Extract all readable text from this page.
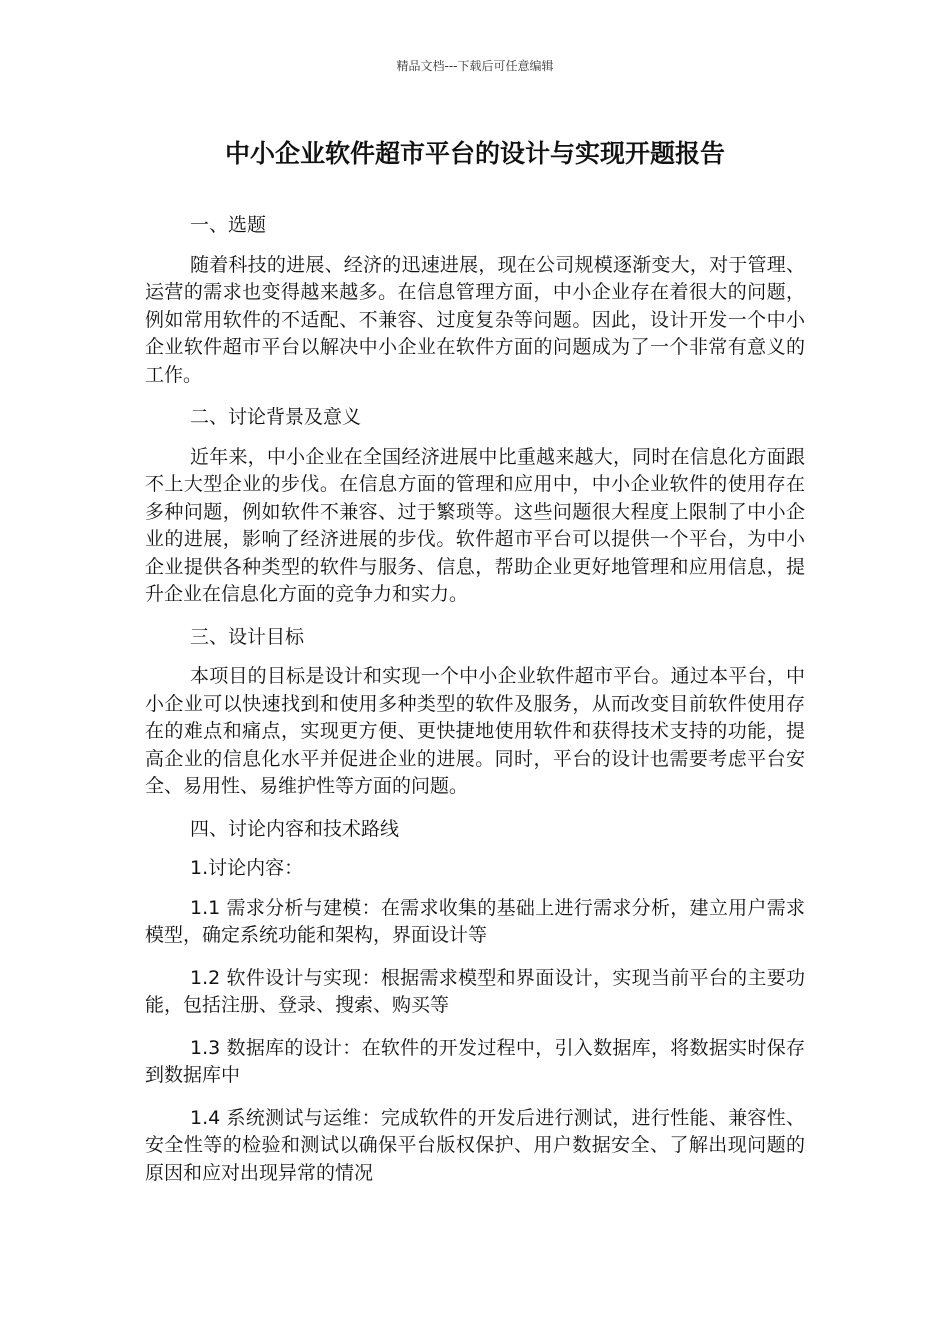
精品文档---下载后可任意编辑
中小企业软件超市平台的设计与实现开题报告

一、选题

随着科技的进展、经济的迅速进展，现在公司规模逐渐变大，对于管理、运营的需求也变得越来越多。在信息管理方面，中小企业存在着很大的问题，例如常用软件的不适配、不兼容、过度复杂等问题。因此，设计开发一个中小企业软件超市平台以解决中小企业在软件方面的问题成为了一个非常有意义的工作。

二、讨论背景及意义

近年来，中小企业在全国经济进展中比重越来越大，同时在信息化方面跟不上大型企业的步伐。在信息方面的管理和应用中，中小企业软件的使用存在多种问题，例如软件不兼容、过于繁琐等。这些问题很大程度上限制了中小企业的进展，影响了经济进展的步伐。软件超市平台可以提供一个平台，为中小企业提供各种类型的软件与服务、信息，帮助企业更好地管理和应用信息，提升企业在信息化方面的竞争力和实力。

三、设计目标

本项目的目标是设计和实现一个中小企业软件超市平台。通过本平台，中小企业可以快速找到和使用多种类型的软件及服务，从而改变目前软件使用存在的难点和痛点，实现更方便、更快捷地使用软件和获得技术支持的功能，提高企业的信息化水平并促进企业的进展。同时，平台的设计也需要考虑平台安全、易用性、易维护性等方面的问题。

四、讨论内容和技术路线

1.讨论内容：

1.1 需求分析与建模：在需求收集的基础上进行需求分析，建立用户需求模型，确定系统功能和架构，界面设计等

1.2 软件设计与实现：根据需求模型和界面设计，实现当前平台的主要功能，包括注册、登录、搜索、购买等

1.3 数据库的设计：在软件的开发过程中，引入数据库，将数据实时保存到数据库中

1.4 系统测试与运维：完成软件的开发后进行测试，进行性能、兼容性、安全性等的检验和测试以确保平台版权保护、用户数据安全、了解出现问题的原因和应对出现异常的情况
